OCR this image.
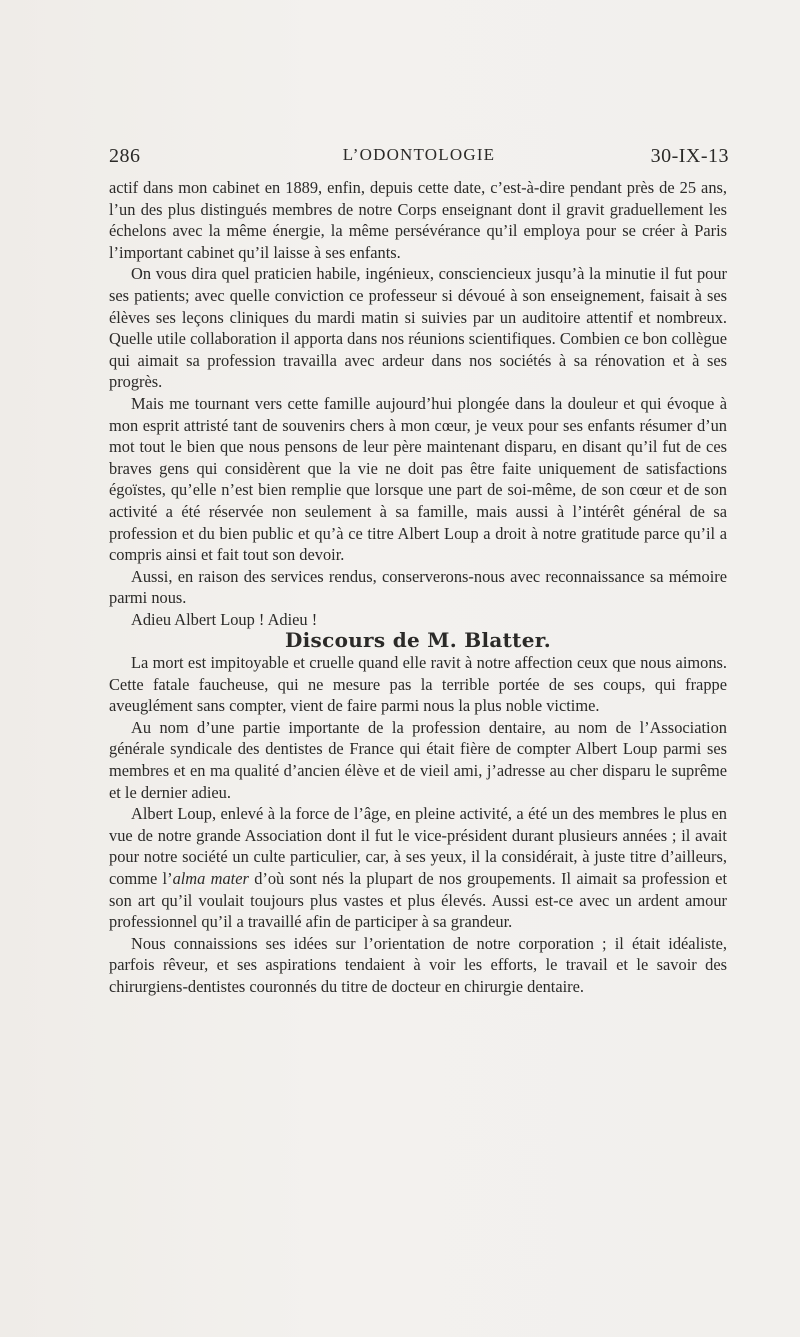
286	L’ODONTOLOGIE	30-IX-13

actif dans mon cabinet en 1889, enfin, depuis cette date, c’est-à-dire pendant près de 25 ans, l’un des plus distingués membres de notre Corps enseignant dont il gravit graduellement les échelons avec la même énergie, la même persévérance qu’il employa pour se créer à Paris l’important cabinet qu’il laisse à ses enfants.

On vous dira quel praticien habile, ingénieux, consciencieux jusqu’à la minutie il fut pour ses patients; avec quelle conviction ce professeur si dévoué à son enseignement, faisait à ses élèves ses leçons cliniques du mardi matin si suivies par un auditoire attentif et nombreux. Quelle utile collaboration il apporta dans nos réunions scientifiques. Combien ce bon collègue qui aimait sa profession travailla avec ardeur dans nos sociétés à sa rénovation et à ses progrès.

Mais me tournant vers cette famille aujourd’hui plongée dans la douleur et qui évoque à mon esprit attristé tant de souvenirs chers à mon cœur, je veux pour ses enfants résumer d’un mot tout le bien que nous pensons de leur père maintenant disparu, en disant qu’il fut de ces braves gens qui considèrent que la vie ne doit pas être faite uniquement de satisfactions égoïstes, qu’elle n’est bien remplie que lorsque une part de soi-même, de son cœur et de son activité a été réservée non seulement à sa famille, mais aussi à l’intérêt général de sa profession et du bien public et qu’à ce titre Albert Loup a droit à notre gratitude parce qu’il a compris ainsi et fait tout son devoir.

Aussi, en raison des services rendus, conserverons-nous avec reconnaissance sa mémoire parmi nous.

Adieu Albert Loup ! Adieu !

Discours de M. Blatter.

La mort est impitoyable et cruelle quand elle ravit à notre affection ceux que nous aimons. Cette fatale faucheuse, qui ne mesure pas la terrible portée de ses coups, qui frappe aveuglément sans compter, vient de faire parmi nous la plus noble victime.

Au nom d’une partie importante de la profession dentaire, au nom de l’Association générale syndicale des dentistes de France qui était fière de compter Albert Loup parmi ses membres et en ma qualité d’ancien élève et de vieil ami, j’adresse au cher disparu le suprême et le dernier adieu.

Albert Loup, enlevé à la force de l’âge, en pleine activité, a été un des membres le plus en vue de notre grande Association dont il fut le vice-président durant plusieurs années ; il avait pour notre société un culte particulier, car, à ses yeux, il la considérait, à juste titre d’ailleurs, comme l’alma mater d’où sont nés la plupart de nos groupements. Il aimait sa profession et son art qu’il voulait toujours plus vastes et plus élevés. Aussi est-ce avec un ardent amour professionnel qu’il a travaillé afin de participer à sa grandeur.

Nous connaissions ses idées sur l’orientation de notre corporation ; il était idéaliste, parfois rêveur, et ses aspirations tendaient à voir les efforts, le travail et le savoir des chirurgiens-dentistes couronnés du titre de docteur en chirurgie dentaire.
